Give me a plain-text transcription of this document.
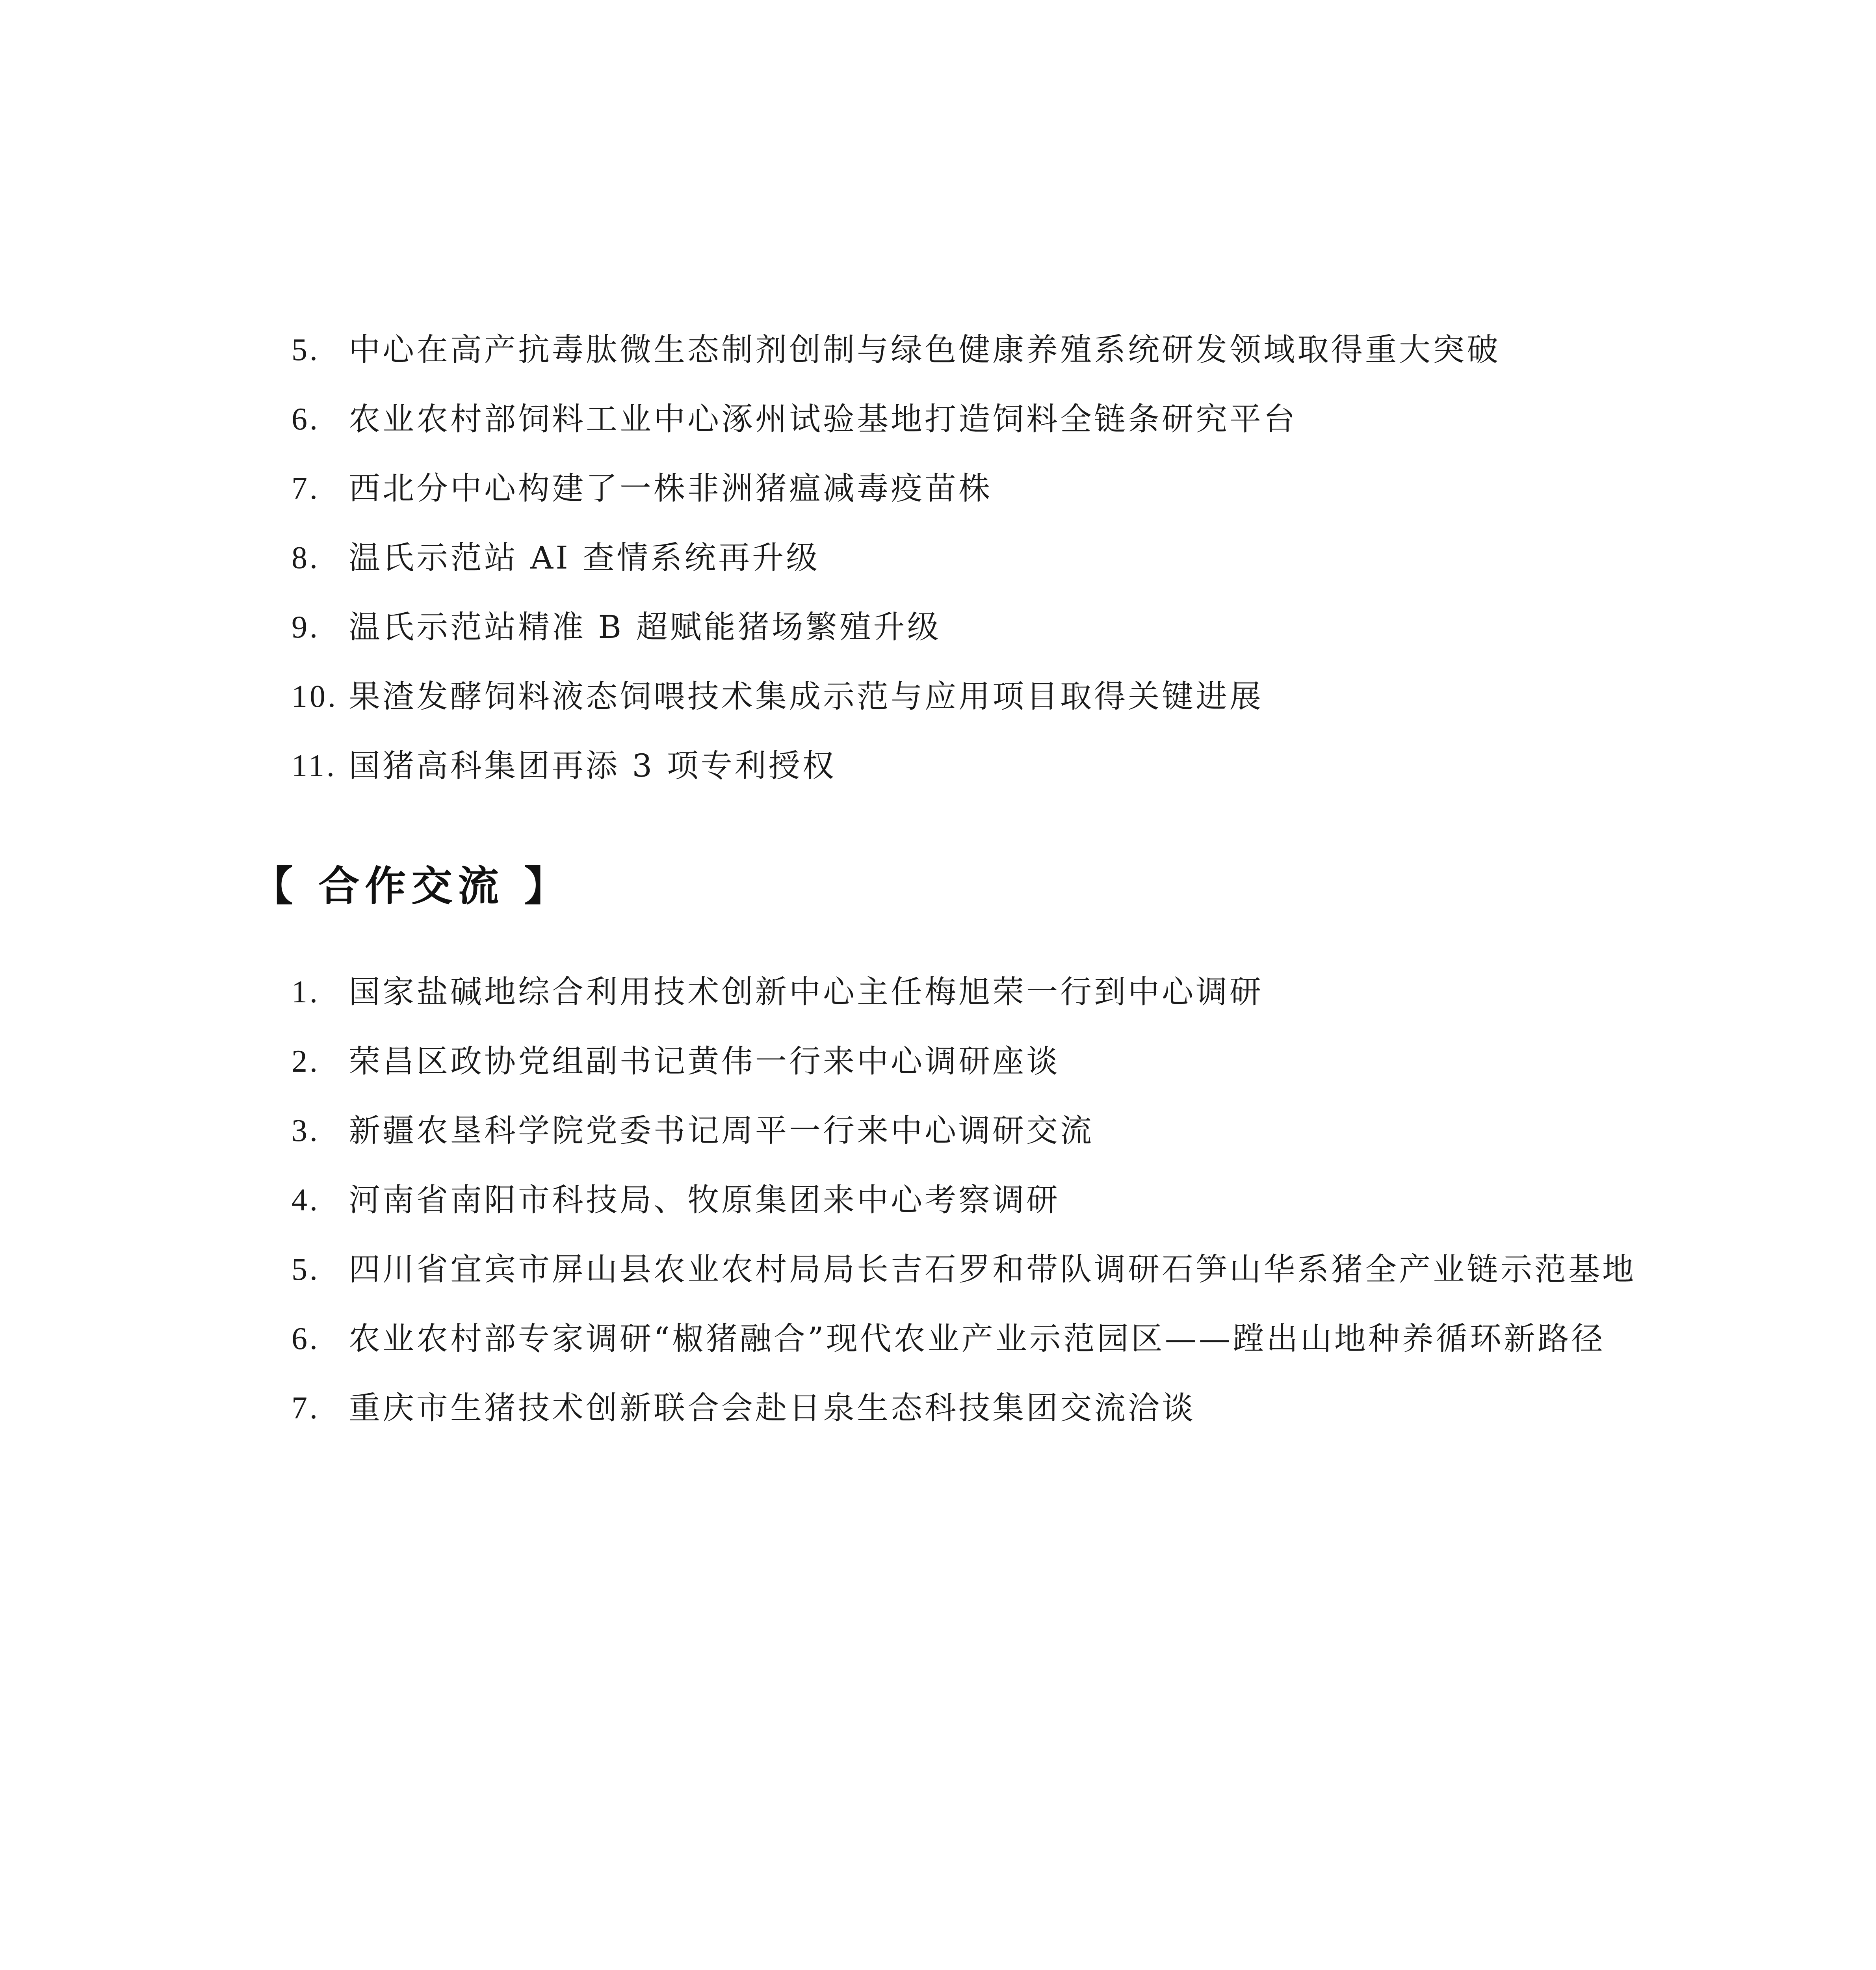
5. 中心在高产抗毒肽微生态制剂创制与绿色健康养殖系统研发领域取得重大突破
6. 农业农村部饲料工业中心涿州试验基地打造饲料全链条研究平台
7. 西北分中心构建了一株非洲猪瘟减毒疫苗株
8. 温氏示范站 AI 查情系统再升级
9. 温氏示范站精准 B 超赋能猪场繁殖升级
10. 果渣发酵饲料液态饲喂技术集成示范与应用项目取得关键进展
11. 国猪高科集团再添 3 项专利授权
【 合作交流 】
1. 国家盐碱地综合利用技术创新中心主任梅旭荣一行到中心调研
2. 荣昌区政协党组副书记黄伟一行来中心调研座谈
3. 新疆农垦科学院党委书记周平一行来中心调研交流
4. 河南省南阳市科技局、牧原集团来中心考察调研
5. 四川省宜宾市屏山县农业农村局局长吉石罗和带队调研石笋山华系猪全产业链示范基地
6. 农业农村部专家调研“椒猪融合”现代农业产业示范园区——蹚出山地种养循环新路径
7. 重庆市生猪技术创新联合会赴日泉生态科技集团交流洽谈
